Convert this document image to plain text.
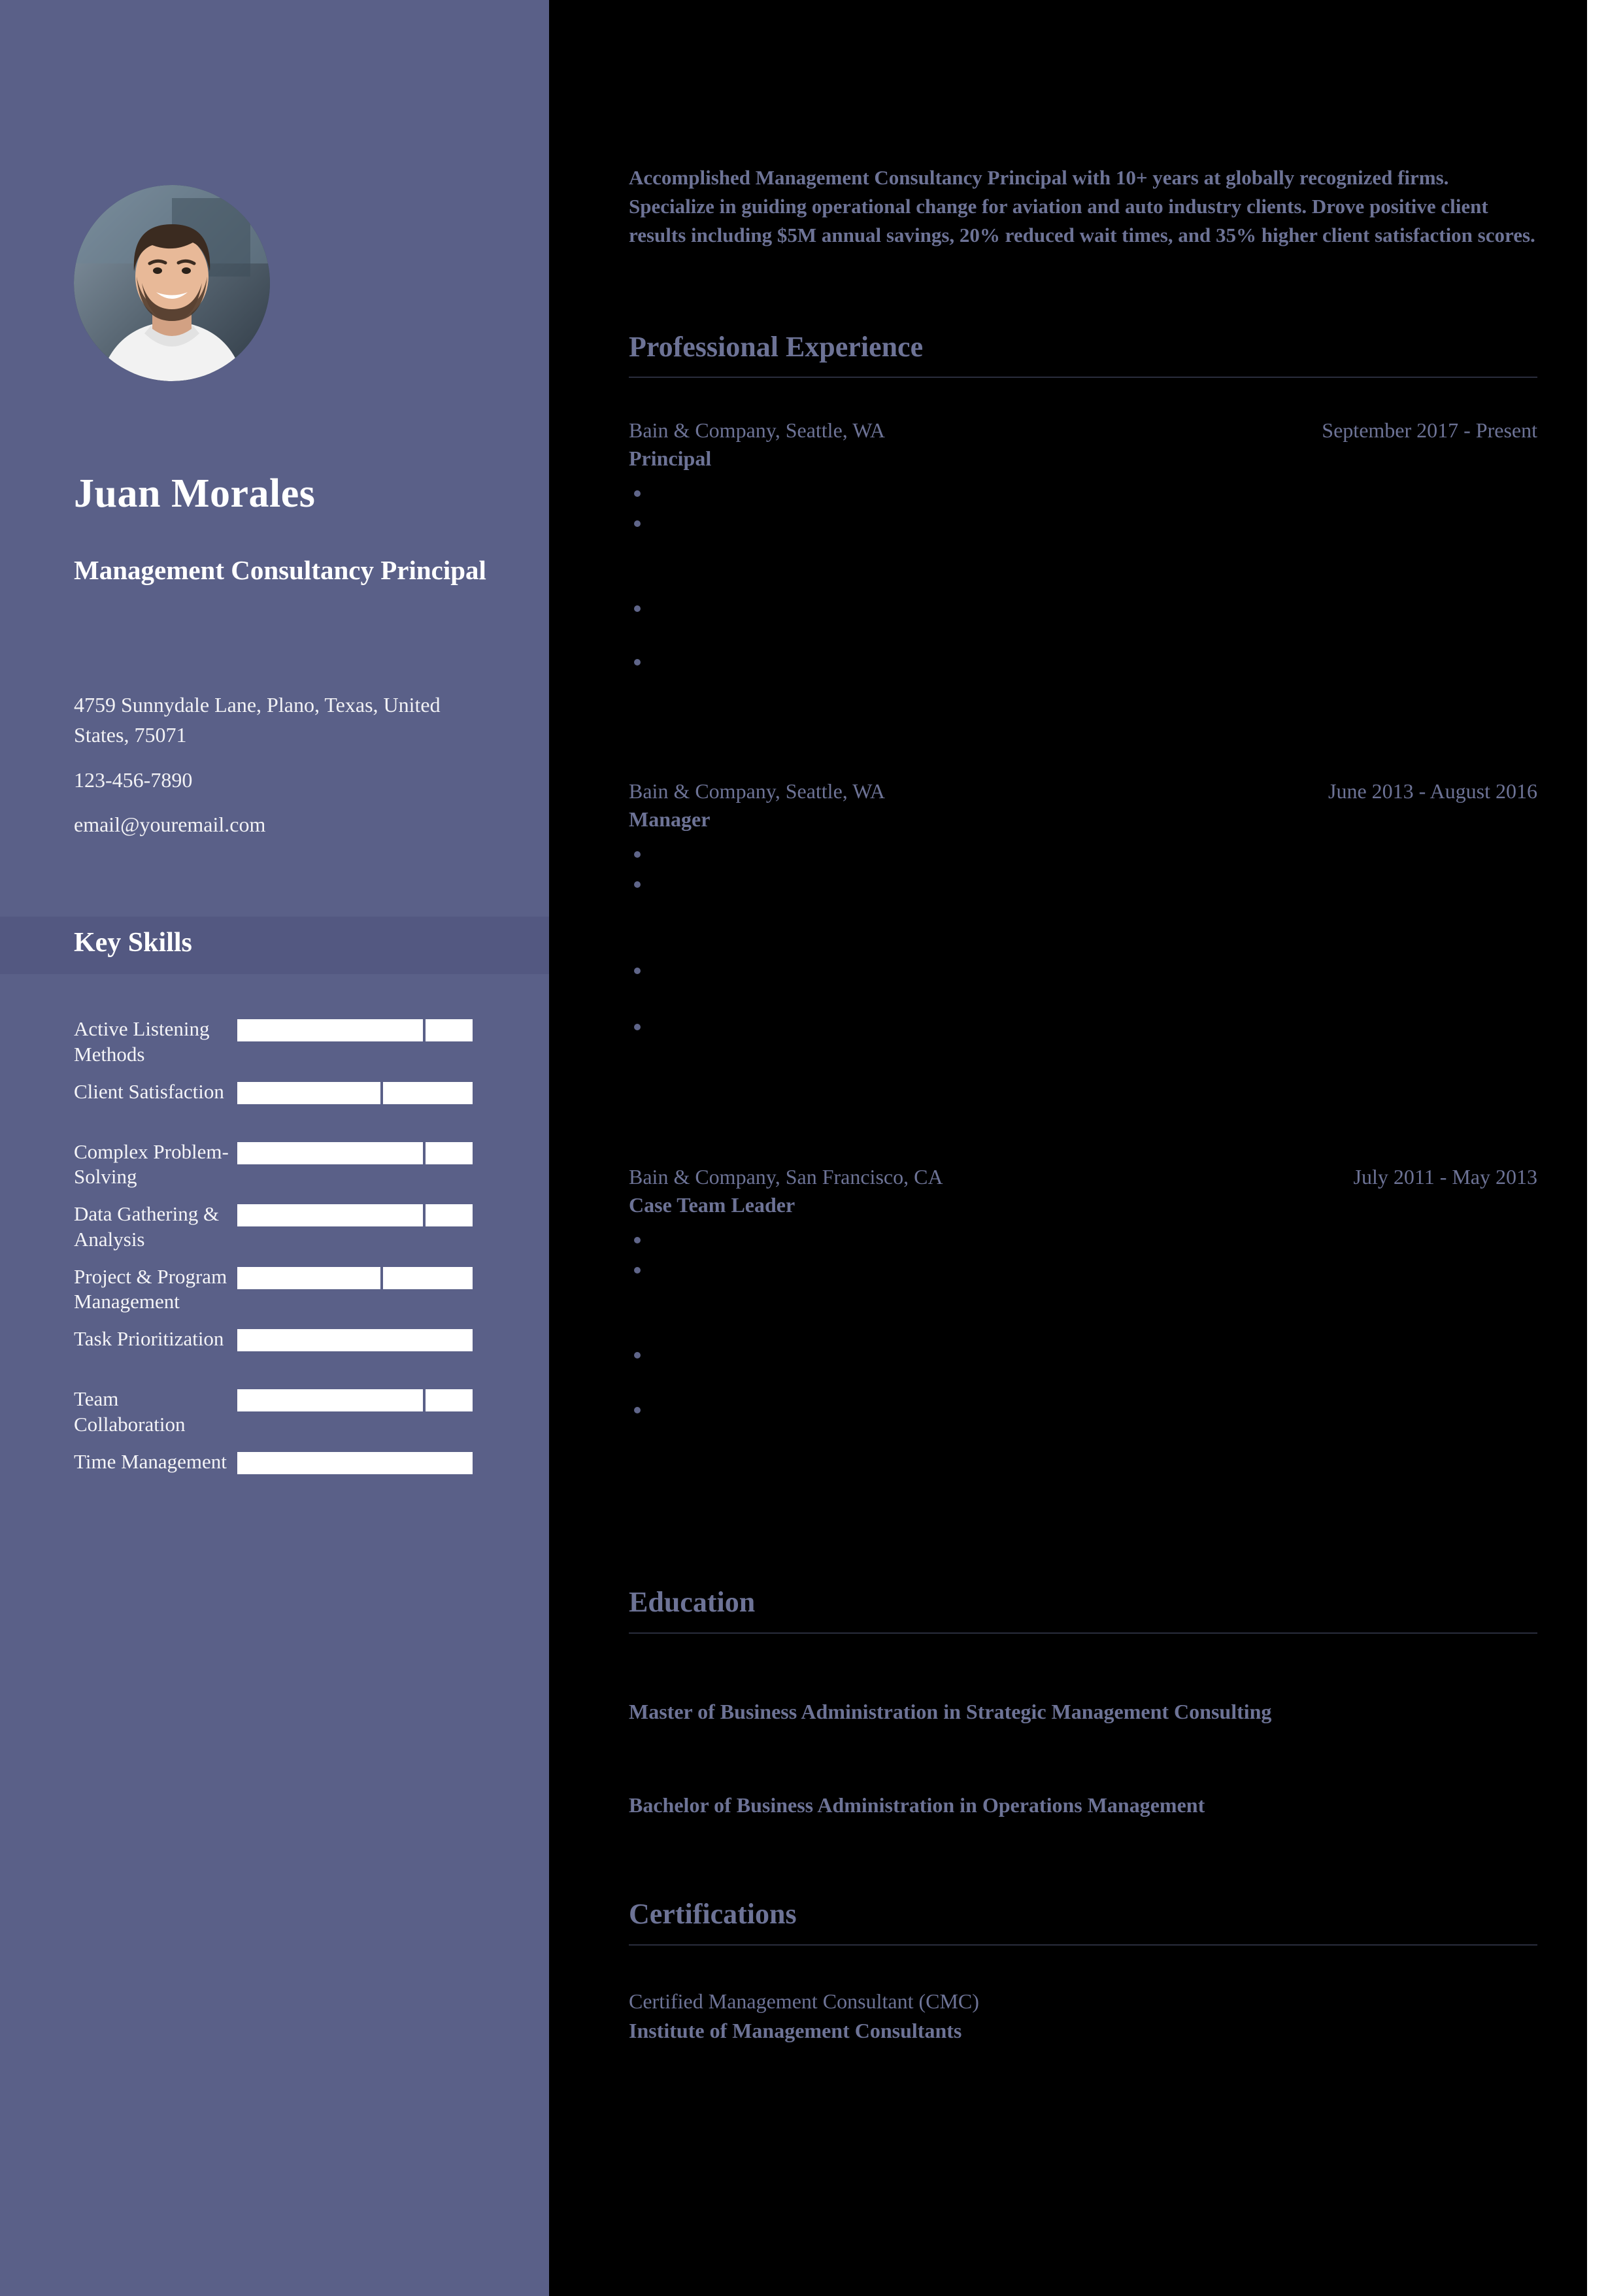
Juan Morales
Management Consultancy Principal
4759 Sunnydale Lane, Plano, Texas, United States, 75071
123-456-7890
email@youremail.com
Key Skills
Active Listening Methods
Client Satisfaction
Complex Problem-Solving
Data Gathering & Analysis
Project & Program Management
Task Prioritization
Team Collaboration
Time Management
Accomplished Management Consultancy Principal with 10+ years at globally recognized firms. Specialize in guiding operational change for aviation and auto industry clients. Drove positive client results including $5M annual savings, 20% reduced wait times, and 35% higher client satisfaction scores.
Professional Experience
Bain & Company, Seattle, WA	September 2017 - Present
Principal
Bain & Company, Seattle, WA	June 2013 - August 2016
Manager
Bain & Company, San Francisco, CA	July 2011 - May 2013
Case Team Leader
Education
Master of Business Administration in Strategic Management Consulting
Bachelor of Business Administration in Operations Management
Certifications
Certified Management Consultant (CMC)
Institute of Management Consultants
